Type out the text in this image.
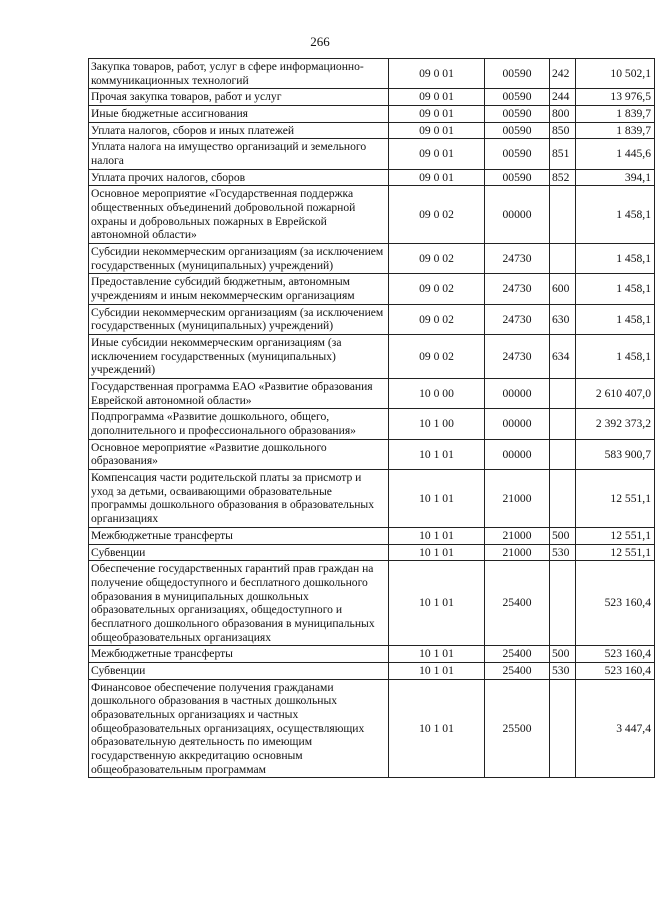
266
Закупка товаров, работ, услуг в сфере информационно-коммуникационных технологий	09 0 01	00590	242	10 502,1
Прочая закупка товаров, работ и услуг	09 0 01	00590	244	13 976,5
Иные бюджетные ассигнования	09 0 01	00590	800	1 839,7
Уплата налогов, сборов и иных платежей	09 0 01	00590	850	1 839,7
Уплата налога на имущество организаций и земельного налога	09 0 01	00590	851	1 445,6
Уплата прочих налогов, сборов	09 0 01	00590	852	394,1
Основное мероприятие «Государственная поддержка общественных объединений добровольной пожарной охраны и добровольных пожарных в Еврейской автономной области»	09 0 02	00000		1 458,1
Субсидии некоммерческим организациям (за исключением государственных (муниципальных) учреждений)	09 0 02	24730		1 458,1
Предоставление субсидий бюджетным, автономным учреждениям и иным некоммерческим организациям	09 0 02	24730	600	1 458,1
Субсидии некоммерческим организациям (за исключением государственных (муниципальных) учреждений)	09 0 02	24730	630	1 458,1
Иные субсидии некоммерческим организациям (за исключением государственных (муниципальных) учреждений)	09 0 02	24730	634	1 458,1
Государственная программа ЕАО «Развитие образования Еврейской автономной области»	10 0 00	00000		2 610 407,0
Подпрограмма «Развитие дошкольного, общего, дополнительного и профессионального образования»	10 1 00	00000		2 392 373,2
Основное мероприятие «Развитие дошкольного образования»	10 1 01	00000		583 900,7
Компенсация части родительской платы за присмотр и уход за детьми, осваивающими образовательные программы дошкольного образования в образовательных организациях	10 1 01	21000		12 551,1
Межбюджетные трансферты	10 1 01	21000	500	12 551,1
Субвенции	10 1 01	21000	530	12 551,1
Обеспечение государственных гарантий прав граждан на получение общедоступного и бесплатного дошкольного образования в муниципальных дошкольных образовательных организациях, общедоступного и бесплатного дошкольного образования в муниципальных общеобразовательных организациях	10 1 01	25400		523 160,4
Межбюджетные трансферты	10 1 01	25400	500	523 160,4
Субвенции	10 1 01	25400	530	523 160,4
Финансовое обеспечение получения гражданами дошкольного образования в частных дошкольных образовательных организациях и частных общеобразовательных организациях, осуществляющих образовательную деятельность по имеющим государственную аккредитацию основным общеобразовательным программам	10 1 01	25500		3 447,4
